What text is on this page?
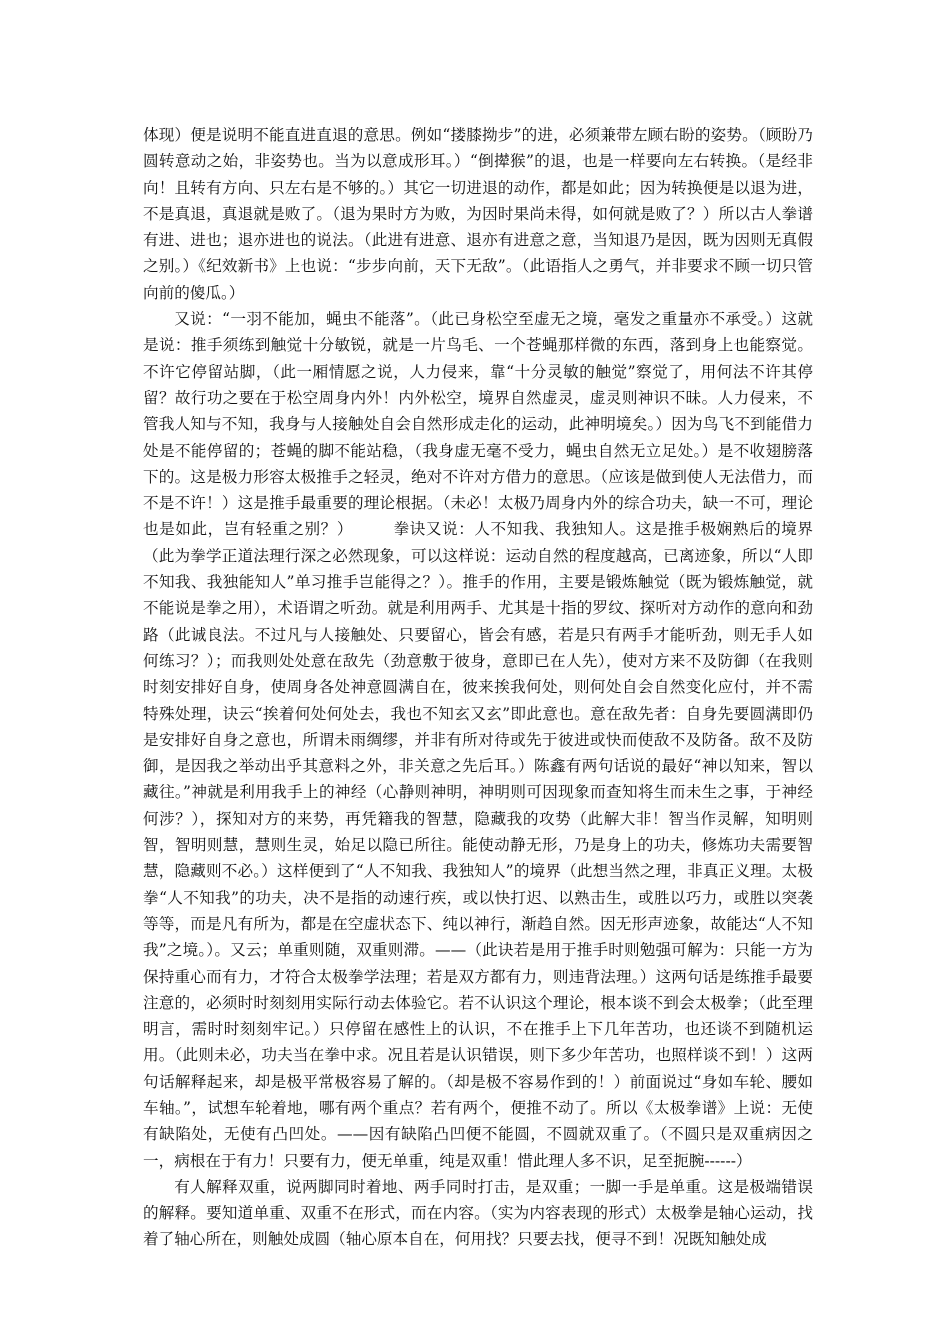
体现）便是说明不能直进直退的意思。例如“搂膝拗步”的进，必须兼带左顾右盼的姿势。（顾盼乃圆转意动之始，非姿势也。当为以意成形耳。）“倒撵猴”的退，也是一样要向左右转换。（是经非向！且转有方向、只左右是不够的。）其它一切进退的动作，都是如此；因为转换便是以退为进，不是真退，真退就是败了。（退为果时方为败，为因时果尚未得，如何就是败了？）所以古人拳谱有进、进也；退亦进也的说法。（此进有进意、退亦有进意之意，当知退乃是因，既为因则无真假之别。）《纪效新书》上也说：“步步向前，天下无敌”。（此语指人之勇气，并非要求不顾一切只管向前的傻瓜。）

又说：“一羽不能加，蝇虫不能落”。（此已身松空至虚无之境，毫发之重量亦不承受。）这就是说：推手须练到触觉十分敏锐，就是一片鸟毛、一个苍蝇那样微的东西，落到身上也能察觉。不许它停留站脚，（此一厢情愿之说，人力侵来，靠“十分灵敏的触觉”察觉了，用何法不许其停留？故行功之要在于松空周身内外！内外松空，境界自然虚灵，虚灵则神识不昧。人力侵来，不管我人知与不知，我身与人接触处自会自然形成走化的运动，此神明境矣。）因为鸟飞不到能借力处是不能停留的；苍蝇的脚不能站稳，（我身虚无毫不受力，蝇虫自然无立足处。）是不收翅膀落下的。这是极力形容太极推手之轻灵，绝对不许对方借力的意思。（应该是做到使人无法借力，而不是不许！）这是推手最重要的理论根据。（未必！太极乃周身内外的综合功夫，缺一不可，理论也是如此，岂有轻重之别？）　　　拳诀又说：人不知我、我独知人。这是推手极娴熟后的境界（此为拳学正道法理行深之必然现象，可以这样说：运动自然的程度越高，已离迹象，所以“人即不知我、我独能知人”单习推手岂能得之？）。推手的作用，主要是锻炼触觉（既为锻炼触觉，就不能说是拳之用），术语谓之听劲。就是利用两手、尤其是十指的罗纹、探听对方动作的意向和劲路（此诚良法。不过凡与人接触处、只要留心，皆会有感，若是只有两手才能听劲，则无手人如何练习？）；而我则处处意在敌先（劲意敷于彼身，意即已在人先），使对方来不及防御（在我则时刻安排好自身，使周身各处神意圆满自在，彼来挨我何处，则何处自会自然变化应付，并不需特殊处理，诀云“挨着何处何处去，我也不知玄又玄”即此意也。意在敌先者：自身先要圆满即仍是安排好自身之意也，所谓未雨绸缪，并非有所对待或先于彼进或快而使敌不及防备。敌不及防御，是因我之举动出乎其意料之外，非关意之先后耳。）陈鑫有两句话说的最好“神以知来，智以藏往。”神就是利用我手上的神经（心静则神明，神明则可因现象而查知将生而未生之事，于神经何涉？），探知对方的来势，再凭籍我的智慧，隐藏我的攻势（此解大非！智当作灵解，知明则智，智明则慧，慧则生灵，始足以隐已所往。能使动静无形，乃是身上的功夫，修炼功夫需要智慧，隐藏则不必。）这样便到了“人不知我、我独知人”的境界（此想当然之理，非真正义理。太极拳“人不知我”的功夫，决不是指的动速行疾，或以快打迟、以熟击生，或胜以巧力，或胜以突袭等等，而是凡有所为，都是在空虚状态下、纯以神行，渐趋自然。因无形声迹象，故能达“人不知我”之境。）。又云；单重则随，双重则滞。——（此诀若是用于推手时则勉强可解为：只能一方为保持重心而有力，才符合太极拳学法理；若是双方都有力，则违背法理。）这两句话是练推手最要注意的，必须时时刻刻用实际行动去体验它。若不认识这个理论，根本谈不到会太极拳；（此至理明言，需时时刻刻牢记。）只停留在感性上的认识，不在推手上下几年苦功，也还谈不到随机运用。（此则未必，功夫当在拳中求。况且若是认识错误，则下多少年苦功，也照样谈不到！）这两句话解释起来，却是极平常极容易了解的。（却是极不容易作到的！）前面说过“身如车轮、腰如车轴。”，试想车轮着地，哪有两个重点？若有两个，便推不动了。所以《太极拳谱》上说：无使有缺陷处，无使有凸凹处。——因有缺陷凸凹便不能圆，不圆就双重了。（不圆只是双重病因之一，病根在于有力！只要有力，便无单重，纯是双重！惜此理人多不识，足至扼腕------）

有人解释双重，说两脚同时着地、两手同时打击，是双重；一脚一手是单重。这是极端错误的解释。要知道单重、双重不在形式，而在内容。（实为内容表现的形式）太极拳是轴心运动，找着了轴心所在，则触处成圆（轴心原本自在，何用找？只要去找，便寻不到！况既知触处成
